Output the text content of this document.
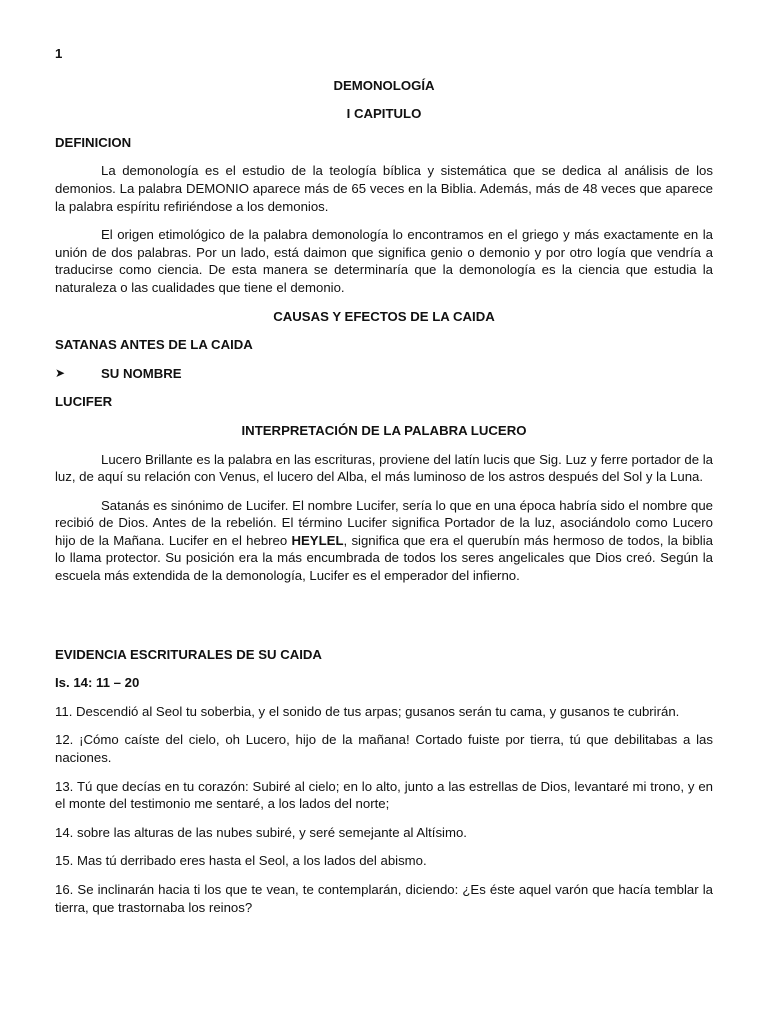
1
DEMONOLOGÍA
I CAPITULO
DEFINICION

La demonología es el estudio de la teología bíblica y sistemática que se dedica al análisis de los demonios. La palabra DEMONIO aparece más de 65 veces en la Biblia. Además, más de 48 veces que aparece la palabra espíritu refiriéndose a los demonios.

El origen etimológico de la palabra demonología lo encontramos en el griego y más exactamente en la unión de dos palabras. Por un lado, está daimon que significa genio o demonio y por otro logía que vendría a traducirse como ciencia. De esta manera se determinaría que la demonología es la ciencia que estudia la naturaleza o las cualidades que tiene el demonio.

CAUSAS Y EFECTOS DE LA CAIDA
SATANAS ANTES DE LA CAIDA
➤	SU NOMBRE
LUCIFER
INTERPRETACIÓN DE LA PALABRA LUCERO

Lucero Brillante es la palabra en las escrituras, proviene del latín lucis que Sig. Luz y ferre portador de la luz, de aquí su relación con Venus, el lucero del Alba, el más luminoso de los astros después del Sol y la Luna.

Satanás es sinónimo de Lucifer. El nombre Lucifer, sería lo que en una época habría sido el nombre que recibió de Dios. Antes de la rebelión. El término Lucifer significa Portador de la luz, asociándolo como Lucero hijo de la Mañana. Lucifer en el hebreo HEYLEL, significa que era el querubín más hermoso de todos, la biblia lo llama protector. Su posición era la más encumbrada de todos los seres angelicales que Dios creó. Según la escuela más extendida de la demonología, Lucifer es el emperador del infierno.

EVIDENCIA ESCRITURALES DE SU CAIDA
Is. 14: 11 – 20
11. Descendió al Seol tu soberbia, y el sonido de tus arpas; gusanos serán tu cama, y gusanos te cubrirán.
12. ¡Cómo caíste del cielo, oh Lucero, hijo de la mañana! Cortado fuiste por tierra, tú que debilitabas a las naciones.
13. Tú que decías en tu corazón: Subiré al cielo; en lo alto, junto a las estrellas de Dios, levantaré mi trono, y en el monte del testimonio me sentaré, a los lados del norte;
14. sobre las alturas de las nubes subiré, y seré semejante al Altísimo.
15. Mas tú derribado eres hasta el Seol, a los lados del abismo.
16. Se inclinarán hacia ti los que te vean, te contemplarán, diciendo: ¿Es éste aquel varón que hacía temblar la tierra, que trastornaba los reinos?
